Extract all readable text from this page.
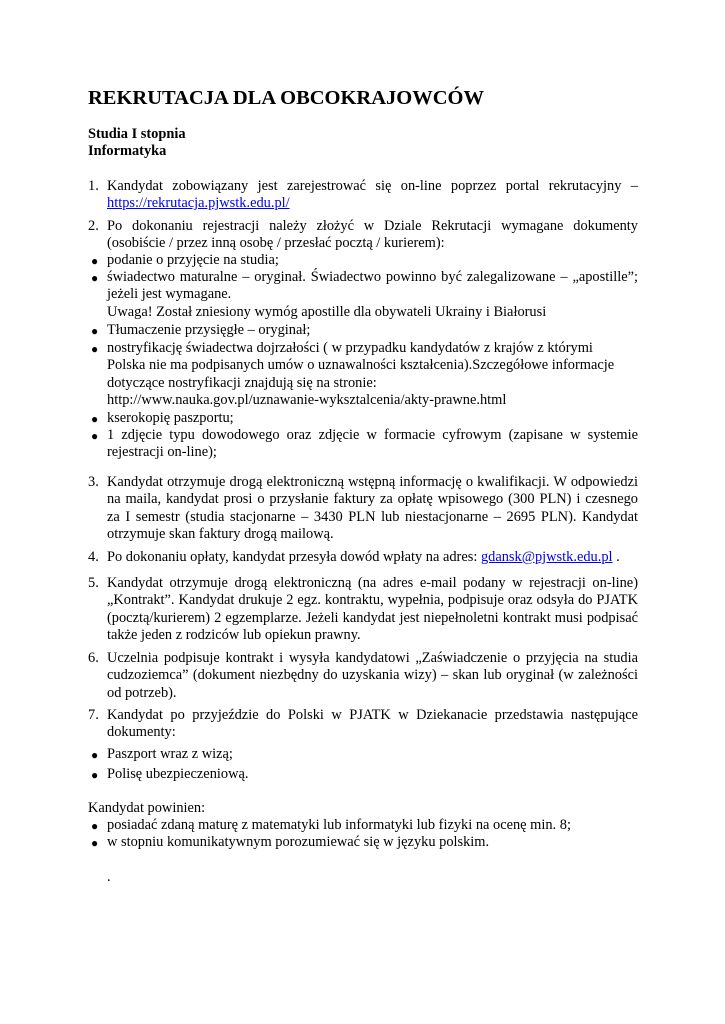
REKRUTACJA DLA OBCOKRAJOWCÓW
Studia I stopnia
Informatyka
1. Kandydat zobowiązany jest zarejestrować się on-line poprzez portal rekrutacyjny –
https://rekrutacja.pjwstk.edu.pl/
2. Po dokonaniu rejestracji należy złożyć w Dziale Rekrutacji wymagane dokumenty
(osobiście / przez inną osobę / przesłać pocztą / kurierem):
● podanie o przyjęcie na studia;
● świadectwo maturalne – oryginał. Świadectwo powinno być zalegalizowane – „apostille”;
jeżeli jest wymagane.
Uwaga! Został zniesiony wymóg apostille dla obywateli Ukrainy i Białorusi
● Tłumaczenie przysięgłe – oryginał;
● nostryfikację świadectwa dojrzałości ( w przypadku kandydatów z krajów z którymi
Polska nie ma podpisanych umów o uznawalności kształcenia).Szczegółowe informacje
dotyczące nostryfikacji znajdują się na stronie:
http://www.nauka.gov.pl/uznawanie-wyksztalcenia/akty-prawne.html
● kserokopię paszportu;
● 1 zdjęcie typu dowodowego oraz zdjęcie w formacie cyfrowym (zapisane w systemie
rejestracji on-line);
3. Kandydat otrzymuje drogą elektroniczną wstępną informację o kwalifikacji. W odpowiedzi
na maila, kandydat prosi o przysłanie faktury za opłatę wpisowego (300 PLN) i czesnego
za I semestr (studia stacjonarne – 3430 PLN lub niestacjonarne – 2695 PLN). Kandydat
otrzymuje skan faktury drogą mailową.
4. Po dokonaniu opłaty, kandydat przesyła dowód wpłaty na adres: gdansk@pjwstk.edu.pl .
5. Kandydat otrzymuje drogą elektroniczną (na adres e-mail podany w rejestracji on-line)
„Kontrakt”. Kandydat drukuje 2 egz. kontraktu, wypełnia, podpisuje oraz odsyła do PJATK
(pocztą/kurierem) 2 egzemplarze. Jeżeli kandydat jest niepełnoletni kontrakt musi podpisać
także jeden z rodziców lub opiekun prawny.
6. Uczelnia podpisuje kontrakt i wysyła kandydatowi „Zaświadczenie o przyjęcia na studia
cudzoziemca” (dokument niezbędny do uzyskania wizy) – skan lub oryginał (w zależności
od potrzeb).
7. Kandydat po przyjeździe do Polski w PJATK w Dziekanacie przedstawia następujące
dokumenty:
● Paszport wraz z wizą;
● Polisę ubezpieczeniową.
Kandydat powinien:
● posiadać zdaną maturę z matematyki lub informatyki lub fizyki na ocenę min. 8;
● w stopniu komunikatywnym porozumiewać się w języku polskim.
.
